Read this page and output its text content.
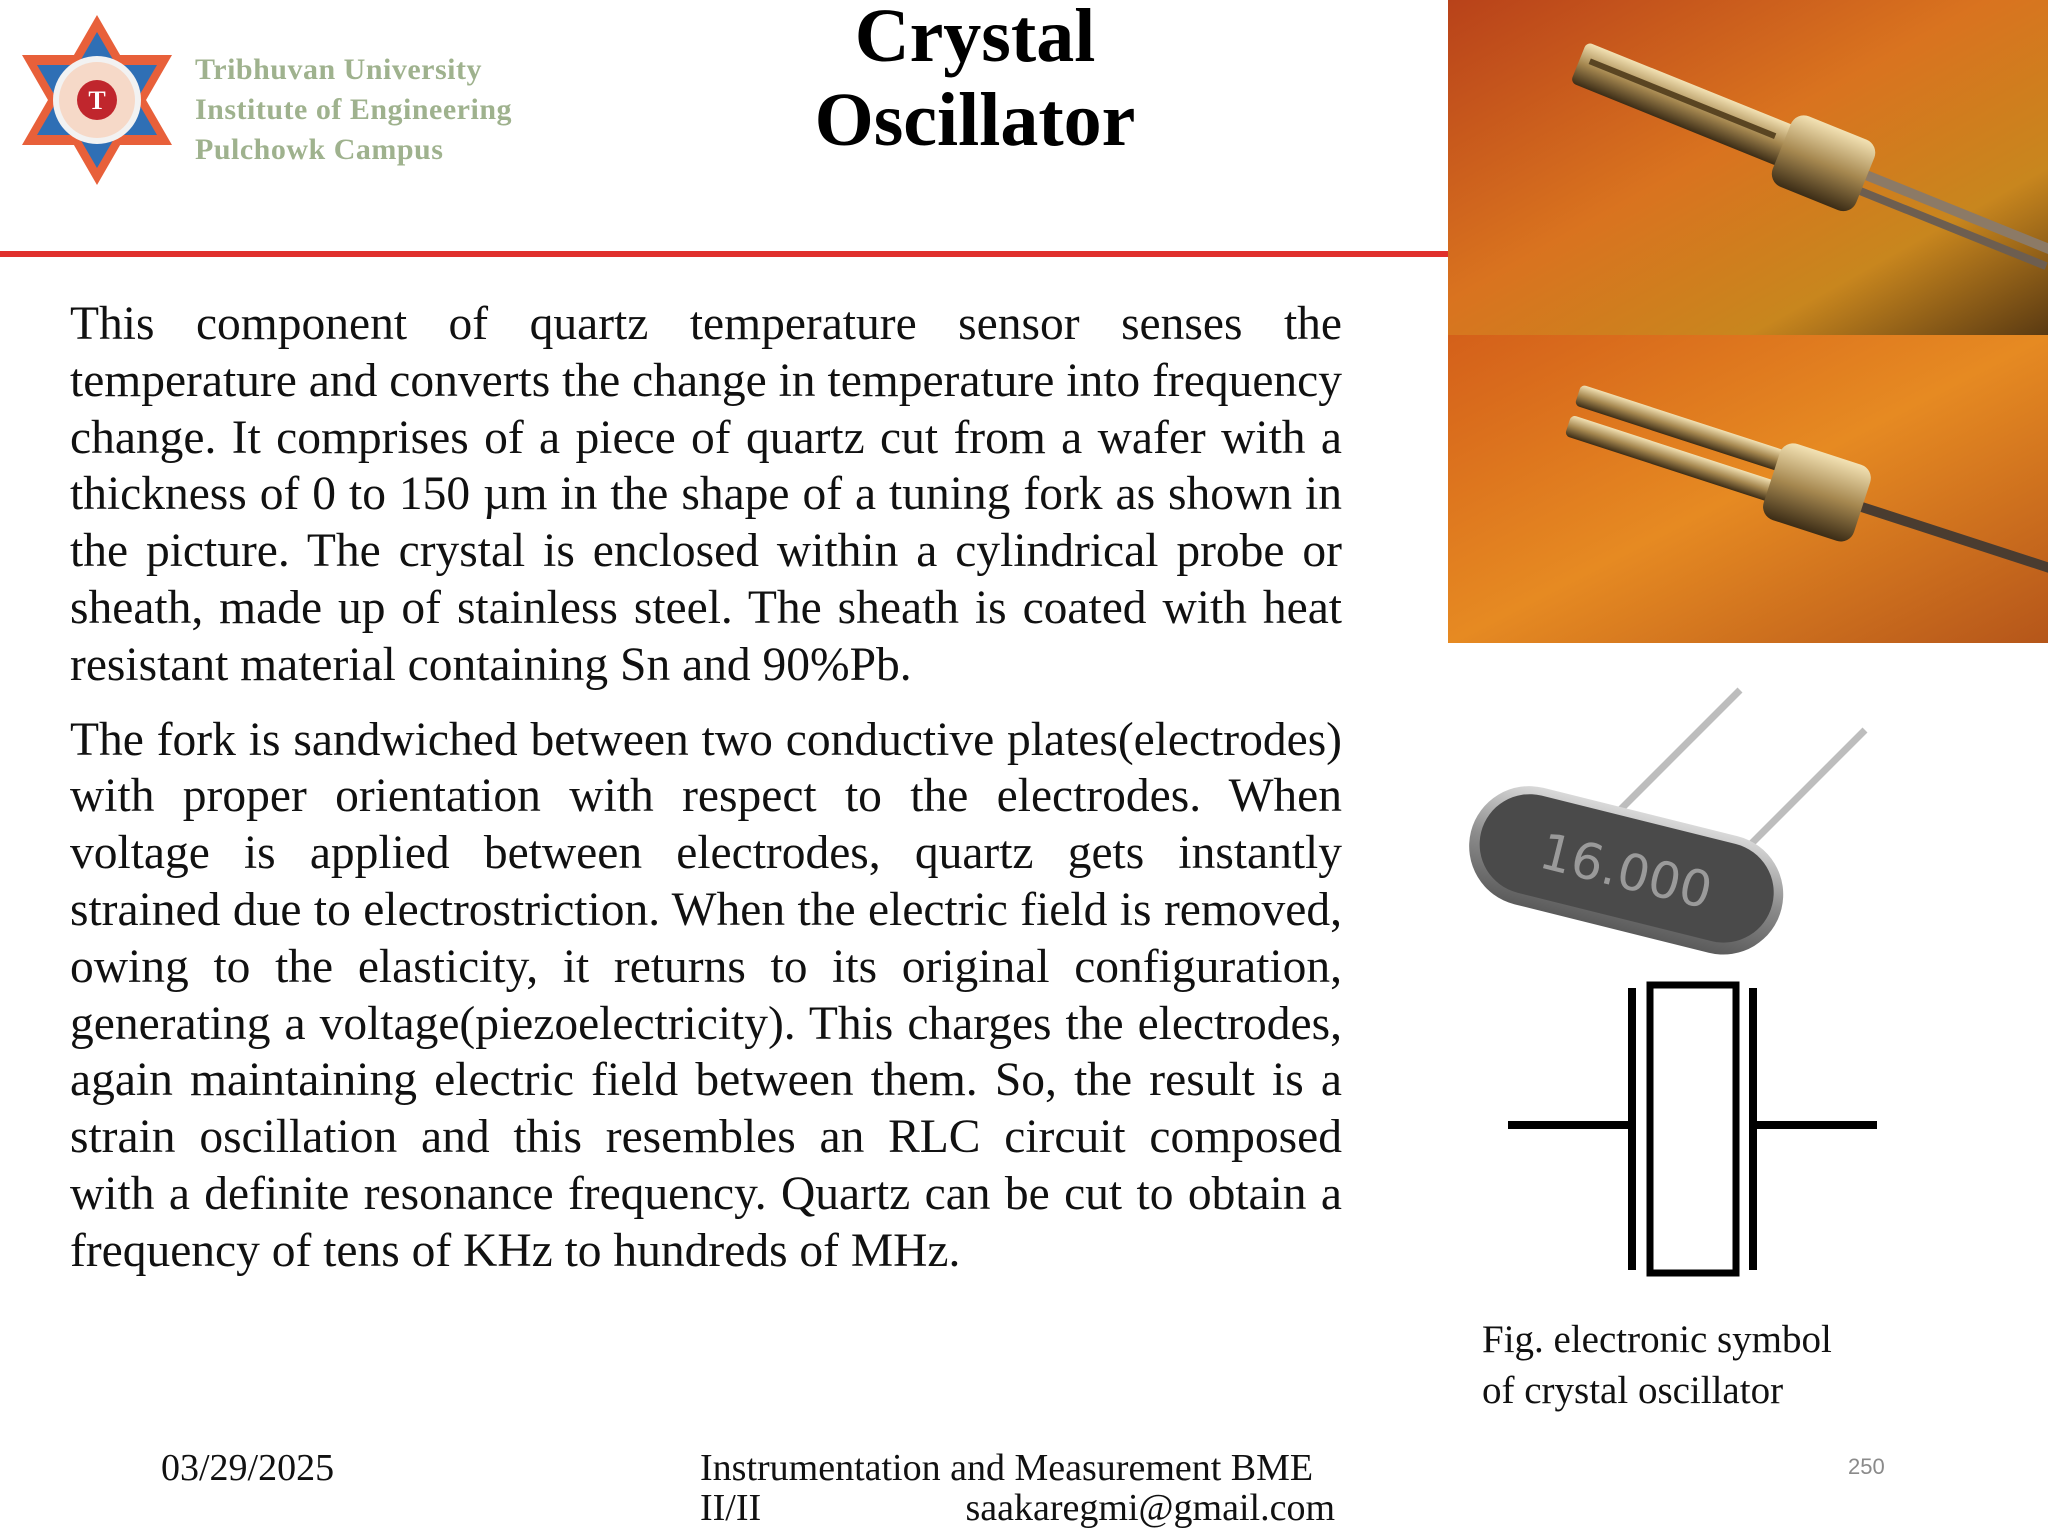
T
Tribhuvan University
Institute of Engineering
Pulchowk Campus
Crystal
Oscillator

This component of quartz temperature sensor senses the temperature and converts the change in temperature into frequency change. It comprises of a piece of quartz cut from a wafer with a thickness of 0 to 150 µm in the shape of a tuning fork as shown in the picture. The crystal is enclosed within a cylindrical probe or sheath, made up of stainless steel. The sheath is coated with heat resistant material containing Sn and 90%Pb.

The fork is sandwiched between two conductive plates(electrodes) with proper orientation with respect to the electrodes. When voltage is applied between electrodes, quartz gets instantly strained due to electrostriction. When the electric field is removed, owing to the elasticity, it returns to its original configuration, generating a voltage(piezoelectricity). This charges the electrodes, again maintaining electric field between them. So, the result is a strain oscillation and this resembles an RLC circuit composed with a definite resonance frequency. Quartz can be cut to obtain a frequency of tens of KHz to hundreds of MHz.

16.000
Fig. electronic symbol
of crystal oscillator
03/29/2025	Instrumentation and Measurement BME
II/II	saakaregmi@gmail.com
250
